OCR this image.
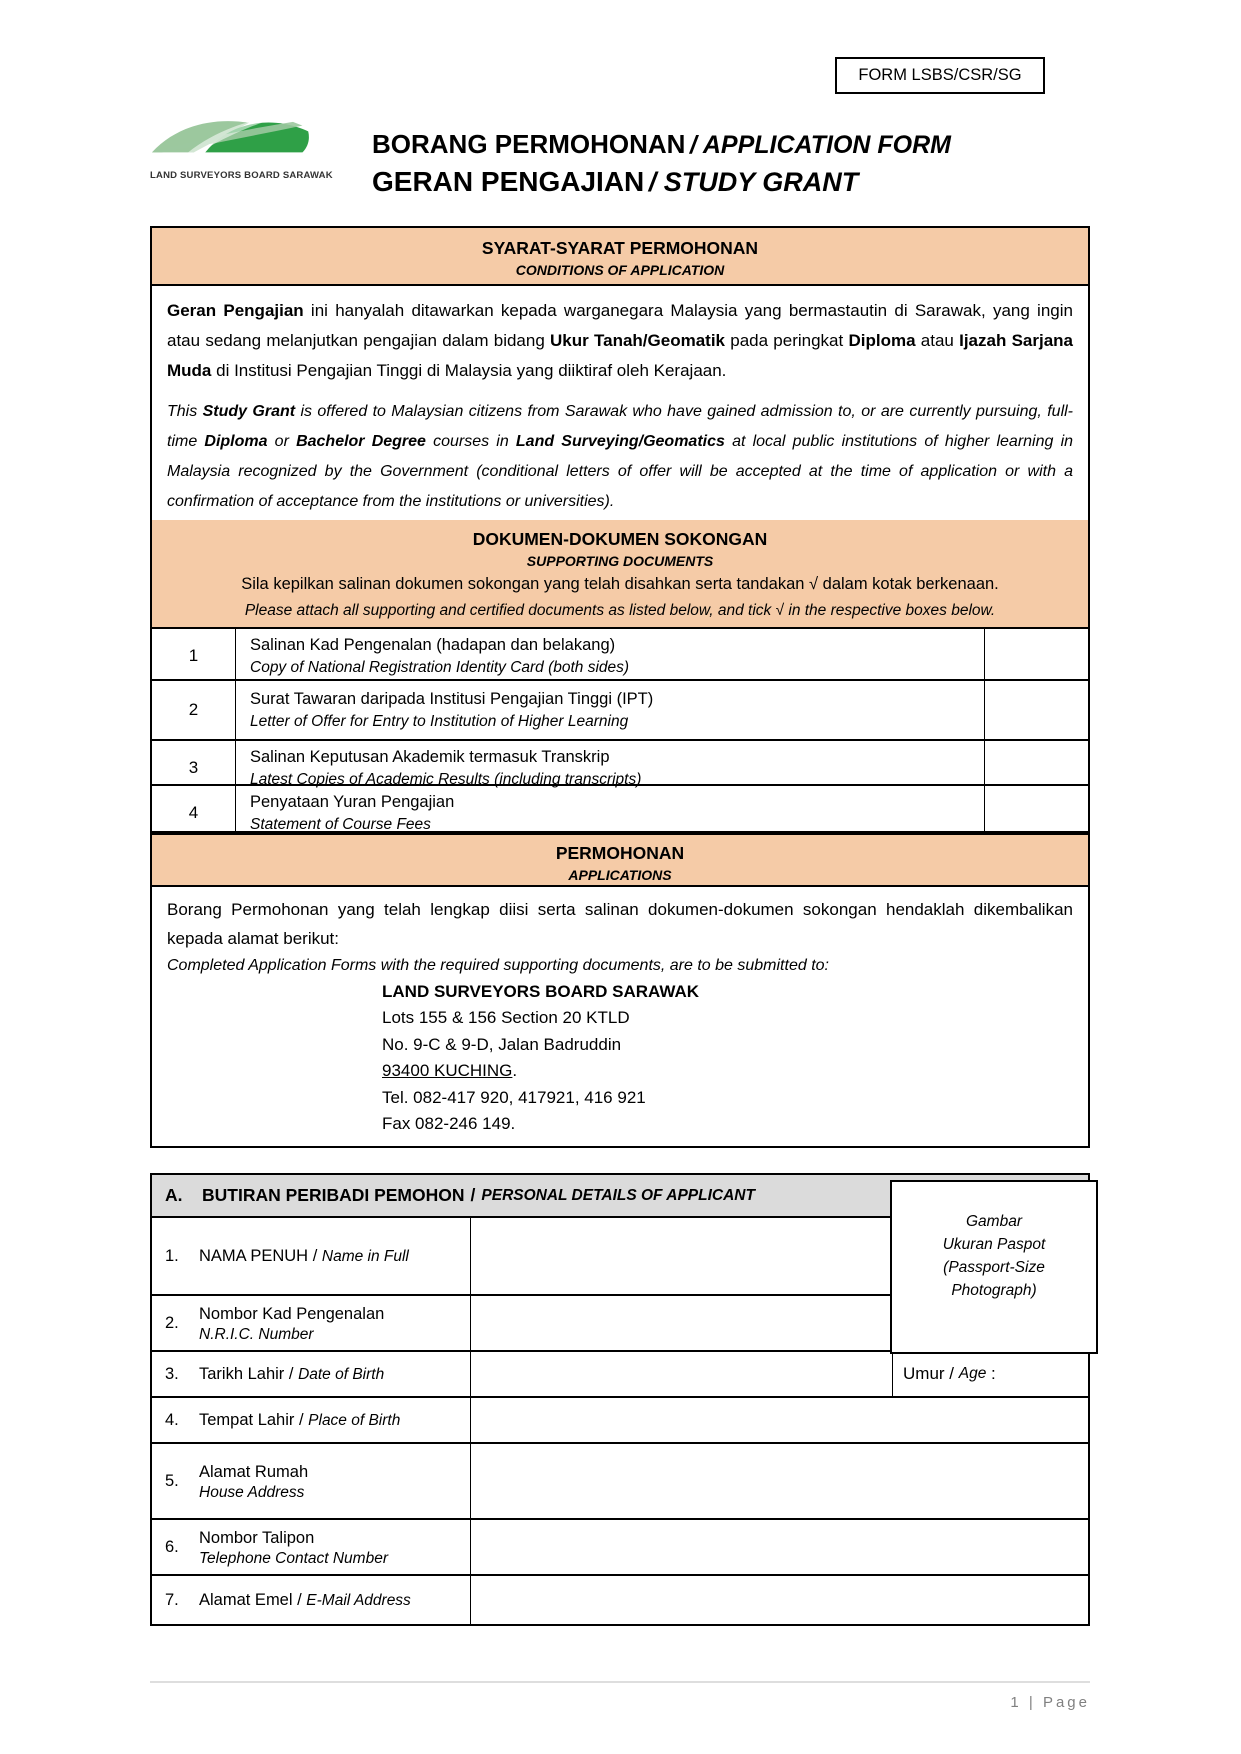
FORM LSBS/CSR/SG
LAND SURVEYORS BOARD SARAWAK
BORANG PERMOHONAN / APPLICATION FORM
GERAN PENGAJIAN / STUDY GRANT
SYARAT-SYARAT PERMOHONAN
CONDITIONS OF APPLICATION

Geran Pengajian ini hanyalah ditawarkan kepada warganegara Malaysia yang bermastautin di Sarawak, yang ingin atau sedang melanjutkan pengajian dalam bidang Ukur Tanah/Geomatik pada peringkat Diploma atau Ijazah Sarjana Muda di Institusi Pengajian Tinggi di Malaysia yang diiktiraf oleh Kerajaan.

This Study Grant is offered to Malaysian citizens from Sarawak who have gained admission to, or are currently pursuing, full-time Diploma or Bachelor Degree courses in Land Surveying/Geomatics at local public institutions of higher learning in Malaysia recognized by the Government (conditional letters of offer will be accepted at the time of application or with a confirmation of acceptance from the institutions or universities).

DOKUMEN-DOKUMEN SOKONGAN
SUPPORTING DOCUMENTS
Sila kepilkan salinan dokumen sokongan yang telah disahkan serta tandakan √ dalam kotak berkenaan.
Please attach all supporting and certified documents as listed below, and tick √ in the respective boxes below.
1
Salinan Kad Pengenalan (hadapan dan belakang)
Copy of National Registration Identity Card (both sides)
2
Surat Tawaran daripada Institusi Pengajian Tinggi (IPT)
Letter of Offer for Entry to Institution of Higher Learning
3
Salinan Keputusan Akademik termasuk Transkrip
Latest Copies of Academic Results (including transcripts)
4
Penyataan Yuran Pengajian
Statement of Course Fees
PERMOHONAN
APPLICATIONS

Borang Permohonan yang telah lengkap diisi serta salinan dokumen-dokumen sokongan hendaklah dikembalikan kepada alamat berikut:

Completed Application Forms with the required supporting documents, are to be submitted to:

LAND SURVEYORS BOARD SARAWAK
Lots 155 & 156 Section 20 KTLD
No. 9-C & 9-D, Jalan Badruddin
93400 KUCHING.
Tel. 082-417 920, 417921, 416 921
Fax 082-246 149.
Gambar
Ukuran Paspot
(Passport-Size
Photograph)
A.	BUTIRAN PERIBADI PEMOHON / PERSONAL DETAILS OF APPLICANT
1.	NAMA PENUH / Name in Full
2.	Nombor Kad Pengenalan
N.R.I.C. Number
3.	Tarikh Lahir / Date of Birth	Umur / Age :
4.	Tempat Lahir / Place of Birth
5.	Alamat Rumah
House Address
6.	Nombor Talipon
Telephone Contact Number
7.	Alamat Emel / E-Mail Address
1 | Page
